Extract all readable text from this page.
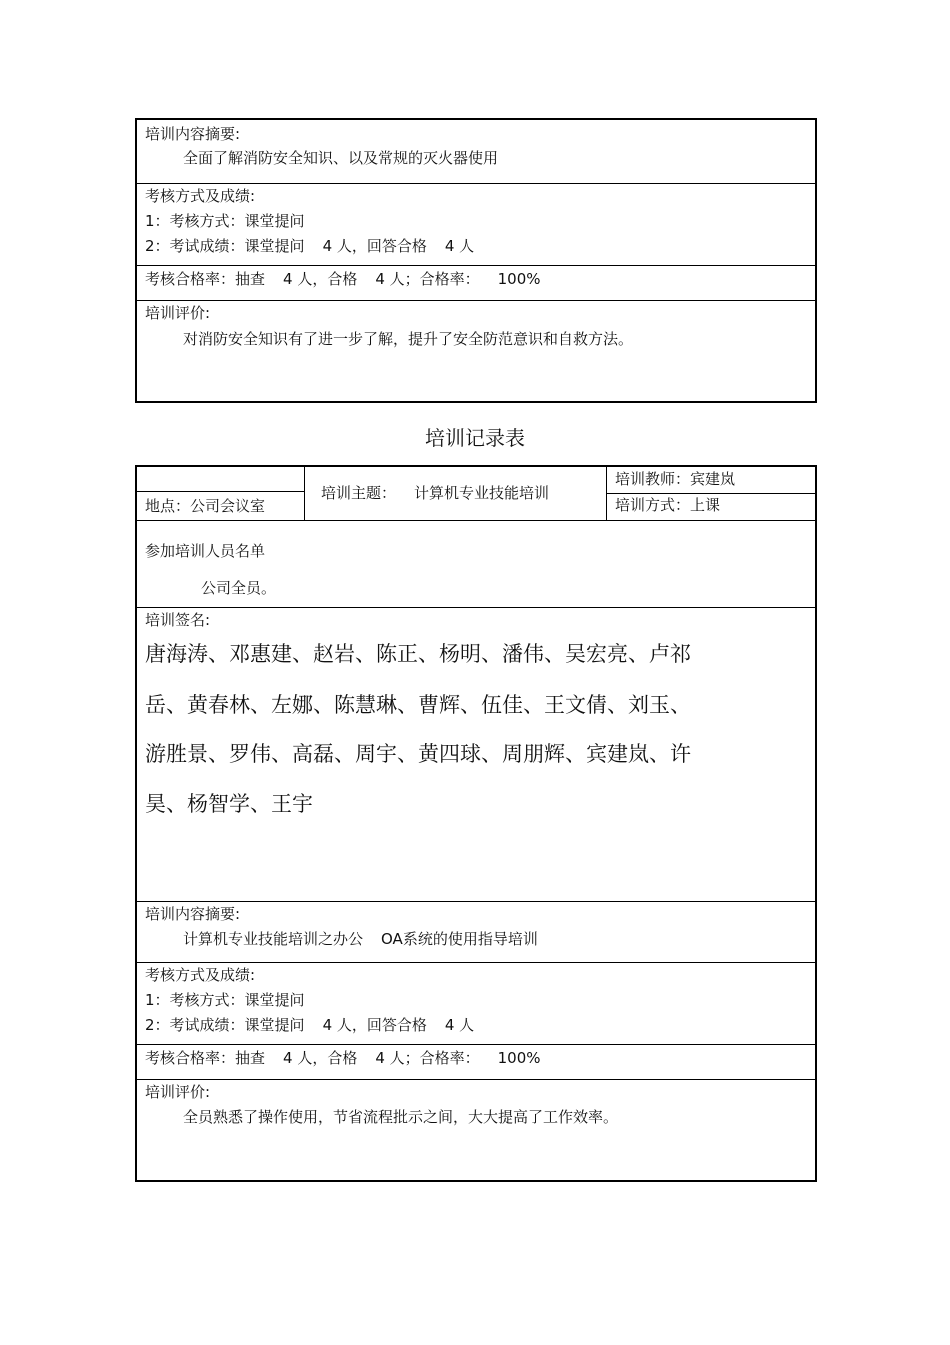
培训内容摘要:
全面了解消防安全知识、以及常规的灭火器使用
考核方式及成绩:
1：考核方式：课堂提问
2：考试成绩：课堂提问 4 人，回答合格 4 人
考核合格率：抽查 4 人，合格 4 人；合格率： 100%
培训评价:
对消防安全知识有了进一步了解，提升了安全防范意识和自救方法。
培训记录表
地点：公司会议室
培训主题： 计算机专业技能培训
培训教师：宾建岚
培训方式：上课
参加培训人员名单
公司全员。
培训签名:
唐海涛、邓惠建、赵岩、陈正、杨明、潘伟、吴宏亮、卢祁
岳、黄春林、左娜、陈慧琳、曹辉、伍佳、王文倩、刘玉、
游胜景、罗伟、高磊、周宇、黄四球、周朋辉、宾建岚、许
昊、杨智学、王宇
培训内容摘要:
计算机专业技能培训之办公 OA系统的使用指导培训
考核方式及成绩:
1：考核方式：课堂提问
2：考试成绩：课堂提问 4 人，回答合格 4 人
考核合格率：抽查 4 人，合格 4 人；合格率： 100%
培训评价:
全员熟悉了操作使用，节省流程批示之间，大大提高了工作效率。
